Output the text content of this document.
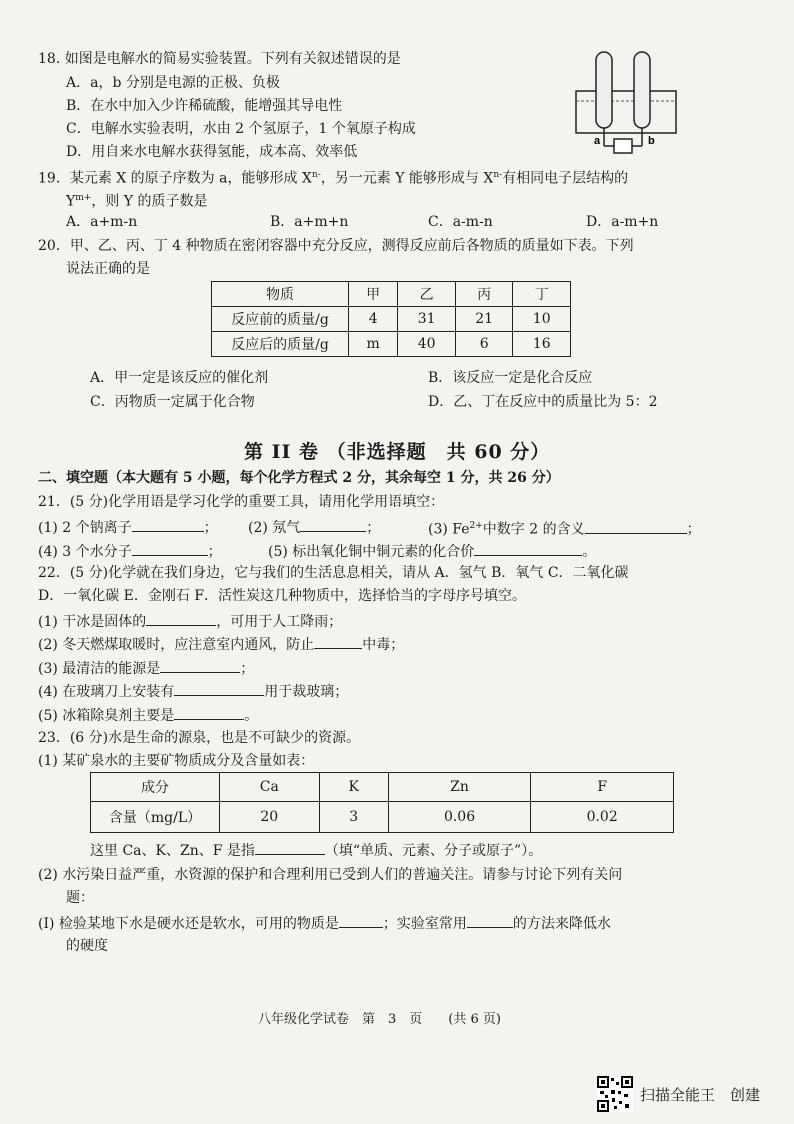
18. 如图是电解水的简易实验装置。下列有关叙述错误的是
A．a，b 分别是电源的正极、负极
B．在水中加入少许稀硫酸，能增强其导电性
C．电解水实验表明，水由 2 个氢原子，1 个氧原子构成
D．用自来水电解水获得氢能，成本高、效率低
a	b
19．某元素 X 的原子序数为 a，能够形成 $X^{n-}$，另一元素 Y 能够形成与 $X^{n-}$有相同电子层结构的
$Y^{m+}$，则 Y 的质子数是
A．a+m-n	B．a+m+n	C．a-m-n	D．a-m+n
20．甲、乙、丙、丁 4 种物质在密闭容器中充分反应，测得反应前后各物质的质量如下表。下列
说法正确的是
物质	甲	乙	丙	丁
反应前的质量/g	4	31	21	10
反应后的质量/g	m	40	6	16
A．甲一定是该反应的催化剂	B．该反应一定是化合反应
C．丙物质一定属于化合物	D．乙、丁在反应中的质量比为 5：2
第 II 卷 （非选择题　共 60 分）
二、填空题（本大题有 5 小题，每个化学方程式 2 分，其余每空 1 分，共 26 分）
21．(5 分)化学用语是学习化学的重要工具，请用化学用语填空：
(1) 2 个钠离子	； (2) 氖气	；	(3) $Fe^{2+}$中数字 2 的含义	；
(4) 3 个水分子	；	(5) 标出氧化铜中铜元素的化合价	。
22．(5 分)化学就在我们身边，它与我们的生活息息相关，请从 A．氢气 B．氧气 C．二氧化碳
D．一氧化碳 E．金刚石 F．活性炭这几种物质中，选择恰当的字母序号填空。
(1) 干冰是固体的	，可用于人工降雨；
(2) 冬天燃煤取暖时，应注意室内通风，防止	中毒；
(3) 最清洁的能源是	；
(4) 在玻璃刀上安装有	用于裁玻璃；
(5) 冰箱除臭剂主要是	。
23．(6 分)水是生命的源泉，也是不可缺少的资源。
(1) 某矿泉水的主要矿物质成分及含量如表：
成分	Ca	K	Zn	F
含量（mg/L）	20	3	0.06	0.02
这里 Ca、K、Zn、F 是指	（填“单质、元素、分子或原子”）。
(2) 水污染日益严重，水资源的保护和合理利用已受到人们的普遍关注。请参与讨论下列有关问
题：
(I) 检验某地下水是硬水还是软水，可用的物质是	；实验室常用	的方法来降低水
的硬度
八年级化学试卷　第　3　页　　(共 6 页)
扫描全能王　创建
